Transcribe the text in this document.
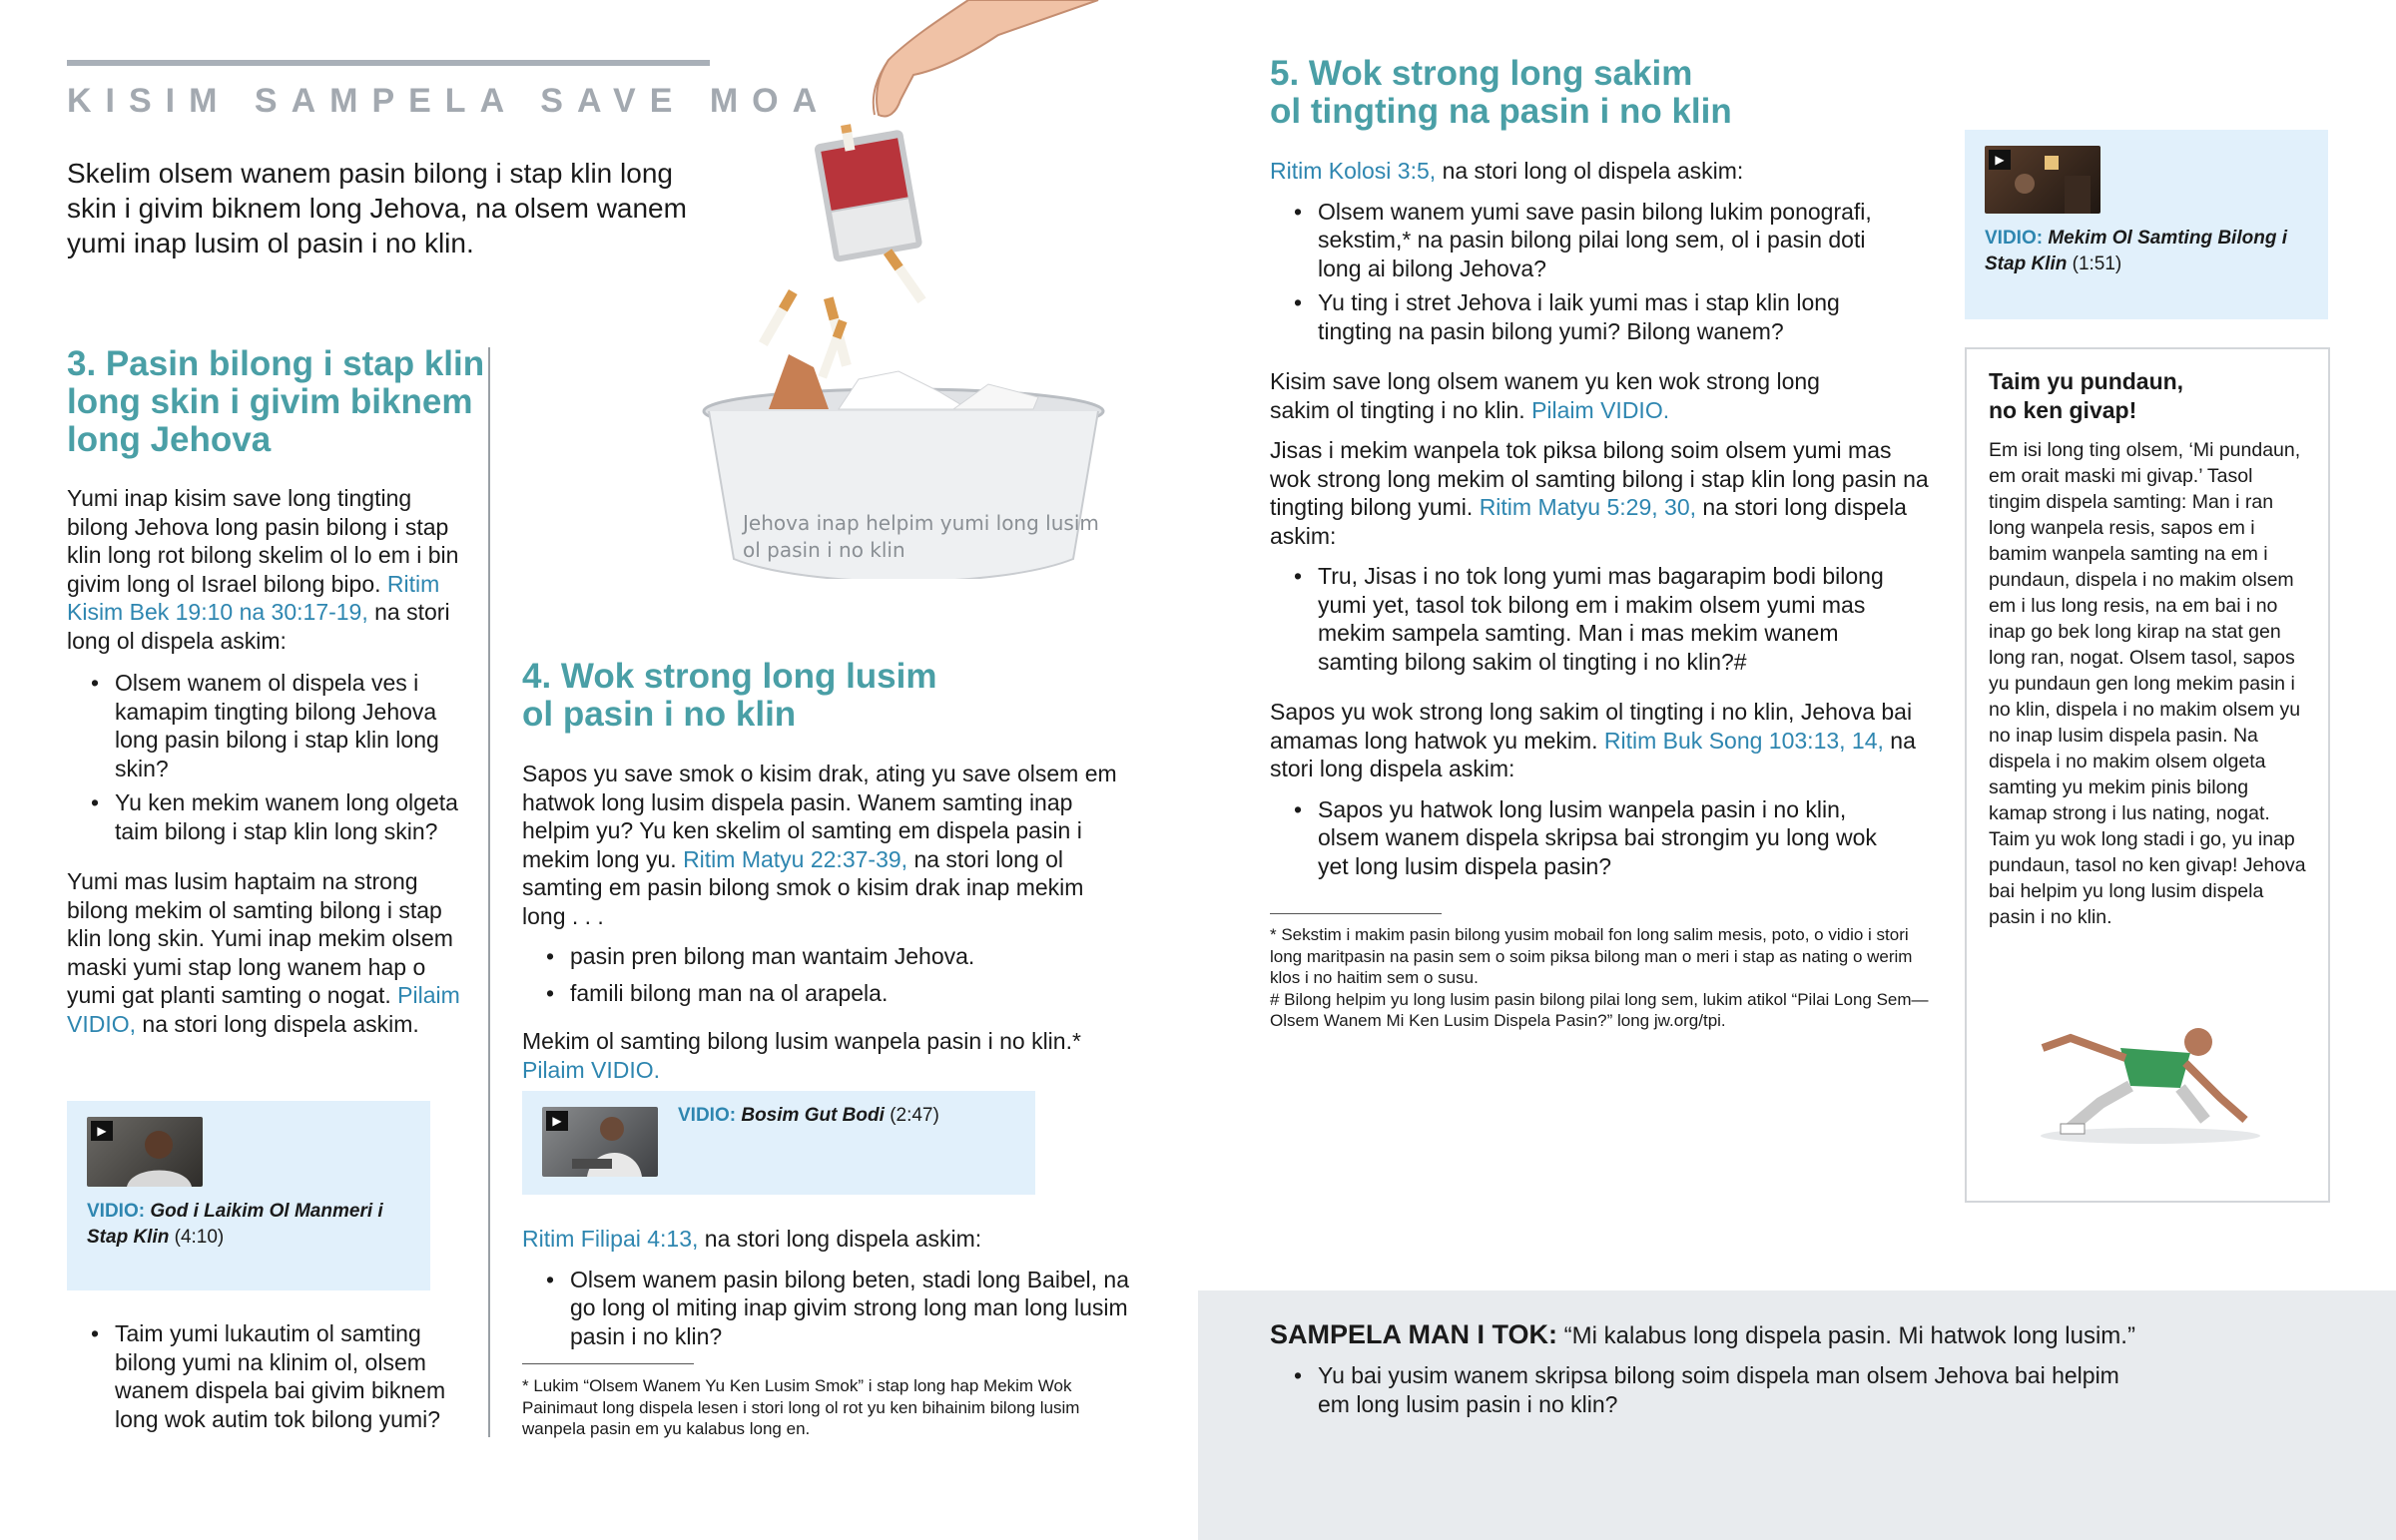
KISIM SAMPELA SAVE MOA
Skelim olsem wanem pasin bilong i stap klin long skin i givim biknem long Jehova, na olsem wanem yumi inap lusim ol pasin i no klin.
Jehova inap helpim yumi long lusim
ol pasin i no klin
3. Pasin bilong i stap klin long skin i givim biknem long Jehova
Yumi inap kisim save long tingting bilong Jehova long pasin bilong i stap klin long rot bilong skelim ol lo em i bin givim long ol Israel bilong bipo. Ritim Kisim Bek 19:10 na 30:17-19, na stori long ol dispela askim:
• Olsem wanem ol dispela ves i kamapim tingting bilong Jehova long pasin bilong i stap klin long skin?
• Yu ken mekim wanem long olgeta taim bilong i stap klin long skin?
Yumi mas lusim haptaim na strong bilong mekim ol samting bilong i stap klin long skin. Yumi inap mekim olsem maski yumi stap long wanem hap o yumi gat planti samting o nogat. Pilaim VIDIO, na stori long dispela askim.
▶
VIDIO: God i Laikim Ol Manmeri i Stap Klin (4:10)
• Taim yumi lukautim ol samting bilong yumi na klinim ol, olsem wanem dispela bai givim biknem long wok autim tok bilong yumi?
4. Wok strong long lusim
ol pasin i no klin
Sapos yu save smok o kisim drak, ating yu save olsem em hatwok long lusim dispela pasin. Wanem samting inap helpim yu? Yu ken skelim ol samting em dispela pasin i mekim long yu. Ritim Matyu 22:37-39, na stori long ol samting em pasin bilong smok o kisim drak inap mekim long . . .
• pasin pren bilong man wantaim Jehova.
• famili bilong man na ol arapela.
Mekim ol samting bilong lusim wanpela pasin i no klin.*
Pilaim VIDIO.
▶	VIDIO: Bosim Gut Bodi (2:47)
Ritim Filipai 4:13, na stori long dispela askim:
• Olsem wanem pasin bilong beten, stadi long Baibel, na go long ol miting inap givim strong long man long lusim pasin i no klin?
* Lukim “Olsem Wanem Yu Ken Lusim Smok” i stap long hap Mekim Wok Painimaut long dispela lesen i stori long ol rot yu ken bihainim bilong lusim wanpela pasin em yu kalabus long en.
5. Wok strong long sakim
ol tingting na pasin i no klin
Ritim Kolosi 3:5, na stori long ol dispela askim:
• Olsem wanem yumi save pasin bilong lukim ponografi, sekstim,* na pasin bilong pilai long sem, ol i pasin doti long ai bilong Jehova?
• Yu ting i stret Jehova i laik yumi mas i stap klin long tingting na pasin bilong yumi? Bilong wanem?
Kisim save long olsem wanem yu ken wok strong long sakim ol tingting i no klin. Pilaim VIDIO.
Jisas i mekim wanpela tok piksa bilong soim olsem yumi mas wok strong long mekim ol samting bilong i stap klin long pasin na tingting bilong yumi. Ritim Matyu 5:29, 30, na stori long dispela askim:
• Tru, Jisas i no tok long yumi mas bagarapim bodi bilong yumi yet, tasol tok bilong em i makim olsem yumi mas mekim sampela samting. Man i mas mekim wanem samting bilong sakim ol tingting i no klin?#
Sapos yu wok strong long sakim ol tingting i no klin, Jehova bai amamas long hatwok yu mekim. Ritim Buk Song 103:13, 14, na stori long dispela askim:
• Sapos yu hatwok long lusim wanpela pasin i no klin, olsem wanem dispela skripsa bai strongim yu long wok yet long lusim dispela pasin?
* Sekstim i makim pasin bilong yusim mobail fon long salim mesis, poto, o vidio i stori long maritpasin na pasin sem o soim piksa bilong man o meri i stap as nating o werim klos i no haitim sem o susu.
# Bilong helpim yu long lusim pasin bilong pilai long sem, lukim atikol “Pilai Long Sem—Olsem Wanem Mi Ken Lusim Dispela Pasin?” long jw.org/tpi.
▶
VIDIO: Mekim Ol Samting Bilong i Stap Klin (1:51)
Taim yu pundaun,
no ken givap!
Em isi long ting olsem, ‘Mi pundaun, em orait maski mi givap.’ Tasol tingim dispela samting: Man i ran long wanpela resis, sapos em i bamim wanpela samting na em i pundaun, dispela i no makim olsem em i lus long resis, na em bai i no inap go bek long kirap na stat gen long ran, nogat. Olsem tasol, sapos yu pundaun gen long mekim pasin i no klin, dispela i no makim olsem yu no inap lusim dispela pasin. Na dispela i no makim olsem olgeta samting yu mekim pinis bilong kamap strong i lus nating, nogat. Taim yu wok long stadi i go, yu inap pundaun, tasol no ken givap! Jehova bai helpim yu long lusim dispela pasin i no klin.
SAMPELA MAN I TOK: “Mi kalabus long dispela pasin. Mi hatwok long lusim.”
• Yu bai yusim wanem skripsa bilong soim dispela man olsem Jehova bai helpim em long lusim pasin i no klin?
